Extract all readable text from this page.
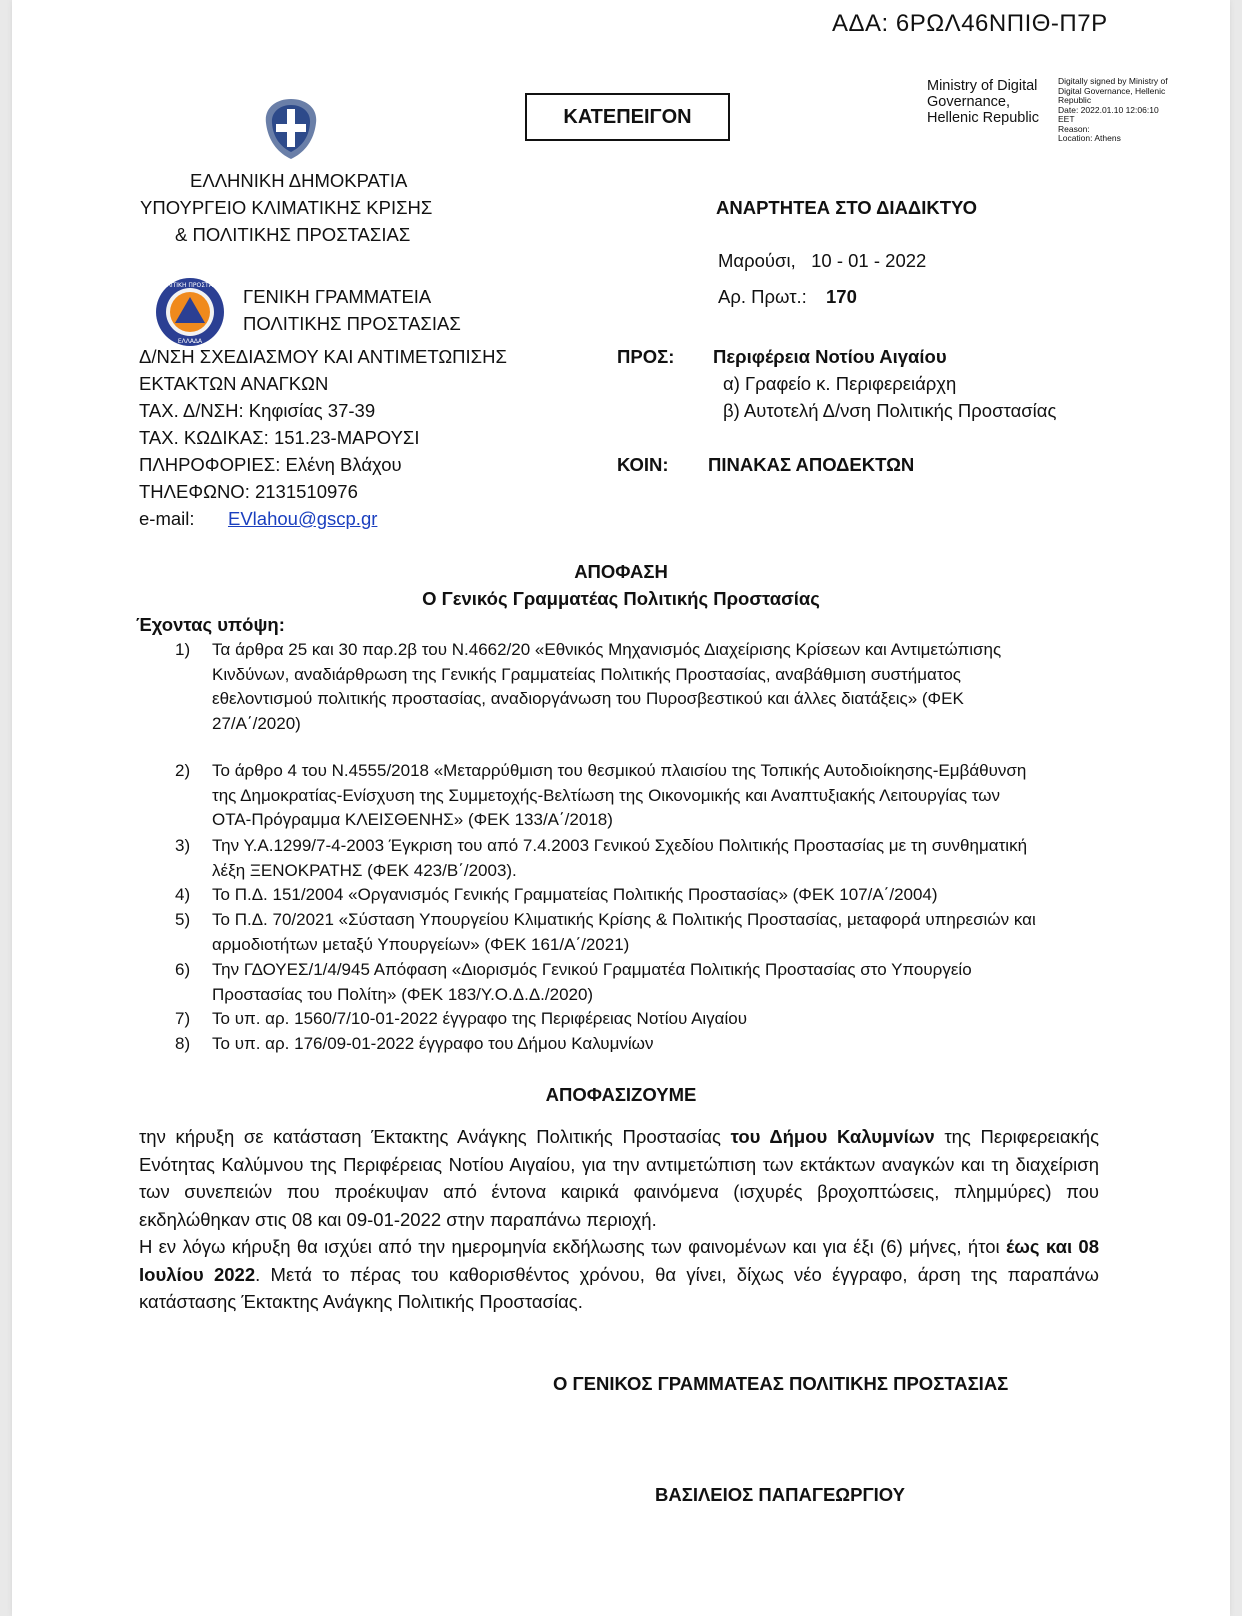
ΑΔΑ: 6ΡΩΛ46ΝΠΙΘ-Π7Ρ
ΚΑΤΕΠΕΙΓΟΝ
Ministry of Digital
Governance,
Hellenic Republic
Digitally signed by Ministry of
Digital Governance, Hellenic
Republic
Date: 2022.01.10 12:06:10
EET
Reason:
Location: Athens
ΕΛΛΗΝΙΚΗ ΔΗΜΟΚΡΑΤΙΑ
ΥΠΟΥΡΓΕΙΟ ΚΛΙΜΑΤΙΚΗΣ ΚΡΙΣΗΣ
& ΠΟΛΙΤΙΚΗΣ ΠΡΟΣΤΑΣΙΑΣ
ΠΟΛΙΤΙΚΗ ΠΡΟΣΤΑΣΙΑ
ΕΛΛΑΔΑ
ΓΕΝΙΚΗ ΓΡΑΜΜΑΤΕΙΑ
ΠΟΛΙΤΙΚΗΣ ΠΡΟΣΤΑΣΙΑΣ
Δ/ΝΣΗ ΣΧΕΔΙΑΣΜΟΥ ΚΑΙ ΑΝΤΙΜΕΤΩΠΙΣΗΣ
ΕΚΤΑΚΤΩΝ ΑΝΑΓΚΩΝ
ΤΑΧ. Δ/ΝΣΗ: Κηφισίας 37-39
ΤΑΧ. ΚΩΔΙΚΑΣ: 151.23-ΜΑΡΟΥΣΙ
ΠΛΗΡΟΦΟΡΙΕΣ: Ελένη Βλάχου
ΤΗΛΕΦΩΝΟ: 2131510976
e-mail: EVlahou@gscp.gr
ΑΝΑΡΤΗΤΕΑ ΣΤΟ ΔΙΑΔΙΚΤΥΟ
Μαρούσι,   10 - 01 - 2022
Αρ. Πρωτ.: 170
ΠΡΟΣ: Περιφέρεια Νοτίου Αιγαίου
α) Γραφείο κ. Περιφερειάρχη
β) Αυτοτελή Δ/νση Πολιτικής Προστασίας
ΚΟΙΝ: ΠΙΝΑΚΑΣ ΑΠΟΔΕΚΤΩΝ
ΑΠΟΦΑΣΗ
Ο Γενικός Γραμματέας Πολιτικής Προστασίας
Έχοντας υπόψη:
1) Τα άρθρα 25 και 30 παρ.2β του Ν.4662/20 «Εθνικός Μηχανισμός Διαχείρισης Κρίσεων και Αντιμετώπισης
Κινδύνων, αναδιάρθρωση της Γενικής Γραμματείας Πολιτικής Προστασίας, αναβάθμιση συστήματος
εθελοντισμού πολιτικής προστασίας, αναδιοργάνωση του Πυροσβεστικού και άλλες διατάξεις» (ΦΕΚ
27/Α΄/2020)
2) Το άρθρο 4 του Ν.4555/2018 «Μεταρρύθμιση του θεσμικού πλαισίου της Τοπικής Αυτοδιοίκησης-Εμβάθυνση
της Δημοκρατίας-Ενίσχυση της Συμμετοχής-Βελτίωση της Οικονομικής και Αναπτυξιακής Λειτουργίας των
ΟΤΑ-Πρόγραμμα ΚΛΕΙΣΘΕΝΗΣ» (ΦΕΚ 133/Α΄/2018)
3) Την Υ.Α.1299/7-4-2003 Έγκριση του από 7.4.2003 Γενικού Σχεδίου Πολιτικής Προστασίας με τη συνθηματική
λέξη ΞΕΝΟΚΡΑΤΗΣ (ΦΕΚ 423/Β΄/2003).
4) Το Π.Δ. 151/2004 «Οργανισμός Γενικής Γραμματείας Πολιτικής Προστασίας» (ΦΕΚ 107/Α΄/2004)
5) Το Π.Δ. 70/2021 «Σύσταση Υπουργείου Κλιματικής Κρίσης & Πολιτικής Προστασίας, μεταφορά υπηρεσιών και
αρμοδιοτήτων μεταξύ Υπουργείων» (ΦΕΚ 161/Α΄/2021)
6) Την ΓΔΟΥΕΣ/1/4/945 Απόφαση «Διορισμός Γενικού Γραμματέα Πολιτικής Προστασίας στο Υπουργείο
Προστασίας του Πολίτη» (ΦΕΚ 183/Υ.Ο.Δ.Δ./2020)
7) Το υπ. αρ. 1560/7/10-01-2022 έγγραφο της Περιφέρειας Νοτίου Αιγαίου
8) Το υπ. αρ. 176/09-01-2022 έγγραφο του Δήμου Καλυμνίων
ΑΠΟΦΑΣΙΖΟΥΜΕ
την κήρυξη σε κατάσταση Έκτακτης Ανάγκης Πολιτικής Προστασίας του Δήμου Καλυμνίων της Περιφερειακής Ενότητας Καλύμνου της Περιφέρειας Νοτίου Αιγαίου, για την αντιμετώπιση των εκτάκτων αναγκών και τη διαχείριση των συνεπειών που προέκυψαν από έντονα καιρικά φαινόμενα (ισχυρές βροχοπτώσεις, πλημμύρες) που εκδηλώθηκαν στις 08 και 09-01-2022 στην παραπάνω περιοχή.
Η εν λόγω κήρυξη θα ισχύει από την ημερομηνία εκδήλωσης των φαινομένων και για έξι (6) μήνες, ήτοι έως και 08 Ιουλίου 2022. Μετά το πέρας του καθορισθέντος χρόνου, θα γίνει, δίχως νέο έγγραφο, άρση της παραπάνω κατάστασης Έκτακτης Ανάγκης Πολιτικής Προστασίας.
Ο ΓΕΝΙΚΟΣ ΓΡΑΜΜΑΤΕΑΣ ΠΟΛΙΤΙΚΗΣ ΠΡΟΣΤΑΣΙΑΣ
ΒΑΣΙΛΕΙΟΣ ΠΑΠΑΓΕΩΡΓΙΟΥ
